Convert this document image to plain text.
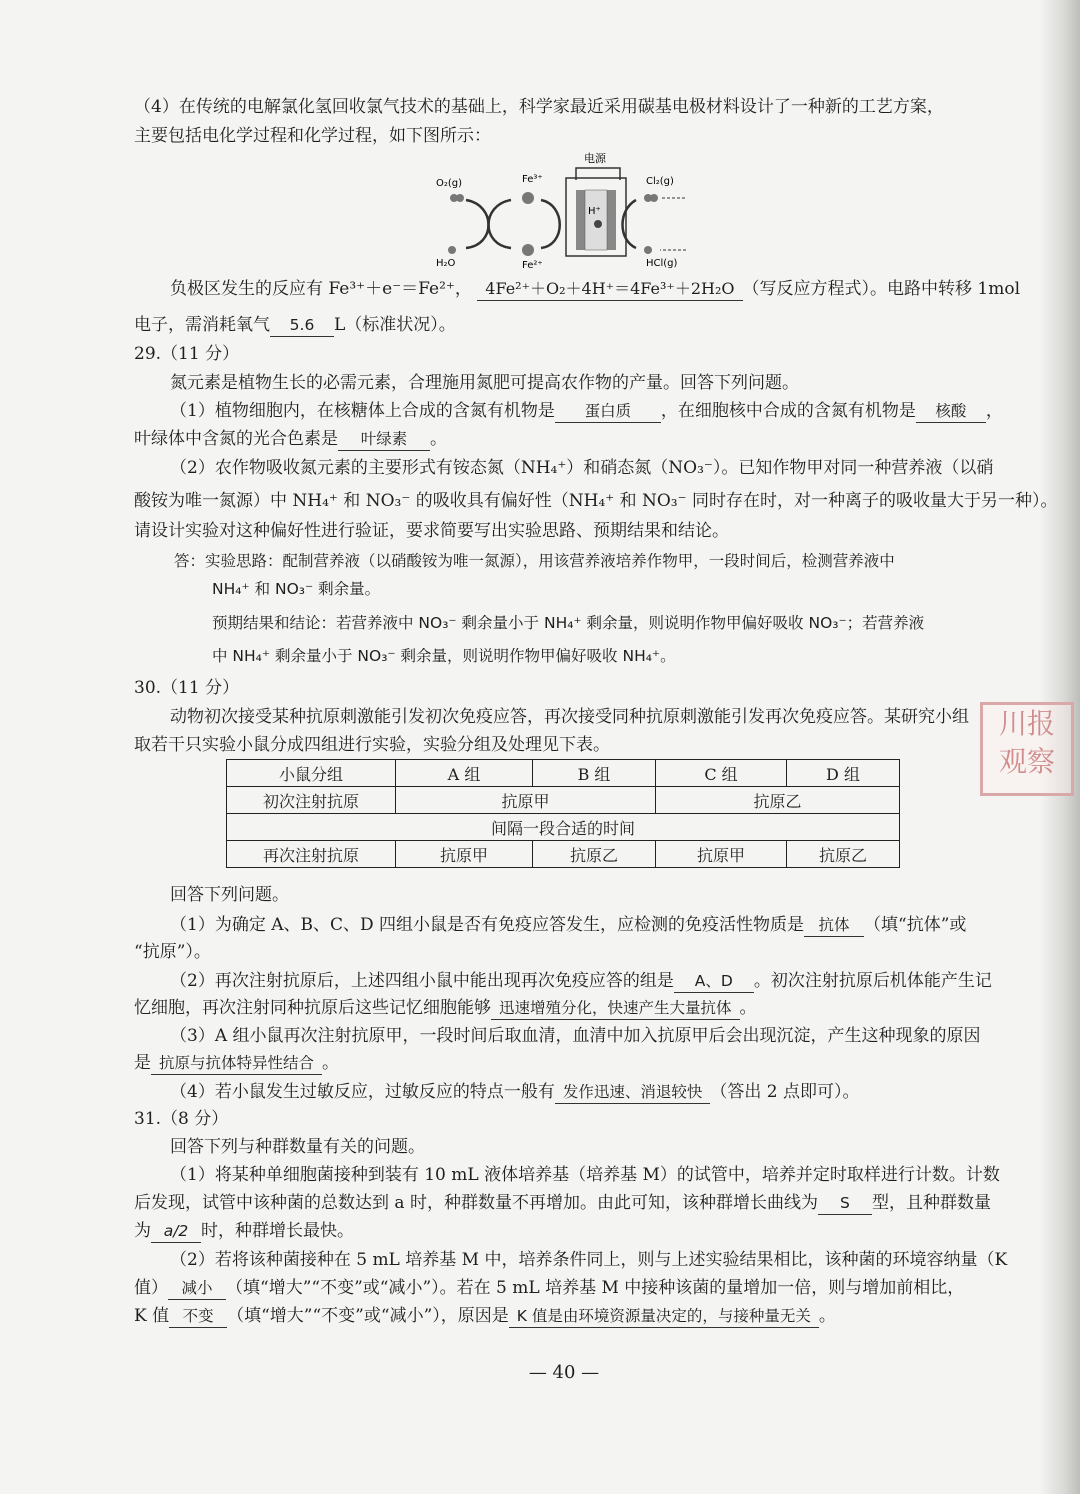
（4）在传统的电解氯化氢回收氯气技术的基础上，科学家最近采用碳基电极材料设计了一种新的工艺方案，
主要包括电化学过程和化学过程，如下图所示：
电源
H⁺
O₂(g)
H₂O
Fe³⁺
Fe²⁺
Cl₂(g)
HCl(g)
负极区发生的反应有 Fe³⁺＋e⁻＝Fe²⁺， 4Fe²⁺＋O₂＋4H⁺＝4Fe³⁺＋2H₂O （写反应方程式）。电路中转移 1mol
电子，需消耗氧气 5.6 L（标准状况）。
29.（11 分）
氮元素是植物生长的必需元素，合理施用氮肥可提高农作物的产量。回答下列问题。
（1）植物细胞内，在核糖体上合成的含氮有机物是 蛋白质 ，在细胞核中合成的含氮有机物是 核酸 ，
叶绿体中含氮的光合色素是 叶绿素 。
（2）农作物吸收氮元素的主要形式有铵态氮（NH₄⁺）和硝态氮（NO₃⁻）。已知作物甲对同一种营养液（以硝
酸铵为唯一氮源）中 NH₄⁺ 和 NO₃⁻ 的吸收具有偏好性（NH₄⁺ 和 NO₃⁻ 同时存在时，对一种离子的吸收量大于另一种）。
请设计实验对这种偏好性进行验证，要求简要写出实验思路、预期结果和结论。
答：实验思路：配制营养液（以硝酸铵为唯一氮源），用该营养液培养作物甲，一段时间后，检测营养液中
NH₄⁺ 和 NO₃⁻ 剩余量。
预期结果和结论：若营养液中 NO₃⁻ 剩余量小于 NH₄⁺ 剩余量，则说明作物甲偏好吸收 NO₃⁻；若营养液
中 NH₄⁺ 剩余量小于 NO₃⁻ 剩余量，则说明作物甲偏好吸收 NH₄⁺。
30.（11 分）
动物初次接受某种抗原刺激能引发初次免疫应答，再次接受同种抗原刺激能引发再次免疫应答。某研究小组
取若干只实验小鼠分成四组进行实验，实验分组及处理见下表。
小鼠分组	A 组	B 组	C 组	D 组
初次注射抗原	抗原甲		抗原乙	
间隔一段合适的时间				
再次注射抗原	抗原甲	抗原乙	抗原甲	抗原乙
回答下列问题。
（1）为确定 A、B、C、D 四组小鼠是否有免疫应答发生，应检测的免疫活性物质是 抗体 （填“抗体”或
“抗原”）。
（2）再次注射抗原后，上述四组小鼠中能出现再次免疫应答的组是 A、D 。初次注射抗原后机体能产生记
忆细胞，再次注射同种抗原后这些记忆细胞能够 迅速增殖分化，快速产生大量抗体 。
（3）A 组小鼠再次注射抗原甲，一段时间后取血清，血清中加入抗原甲后会出现沉淀，产生这种现象的原因
是 抗原与抗体特异性结合 。
（4）若小鼠发生过敏反应，过敏反应的特点一般有 发作迅速、消退较快 （答出 2 点即可）。
31.（8 分）
回答下列与种群数量有关的问题。
（1）将某种单细胞菌接种到装有 10 mL 液体培养基（培养基 M）的试管中，培养并定时取样进行计数。计数
后发现，试管中该种菌的总数达到 a 时，种群数量不再增加。由此可知，该种群增长曲线为 S 型，且种群数量
为 a/2 时，种群增长最快。
（2）若将该种菌接种在 5 mL 培养基 M 中，培养条件同上，则与上述实验结果相比，该种菌的环境容纳量（K
值） 减小 （填“增大”“不变”或“减小”）。若在 5 mL 培养基 M 中接种该菌的量增加一倍，则与增加前相比，
K 值 不变 （填“增大”“不变”或“减小”），原因是 K 值是由环境资源量决定的，与接种量无关 。
— 40 —
川报
观察
